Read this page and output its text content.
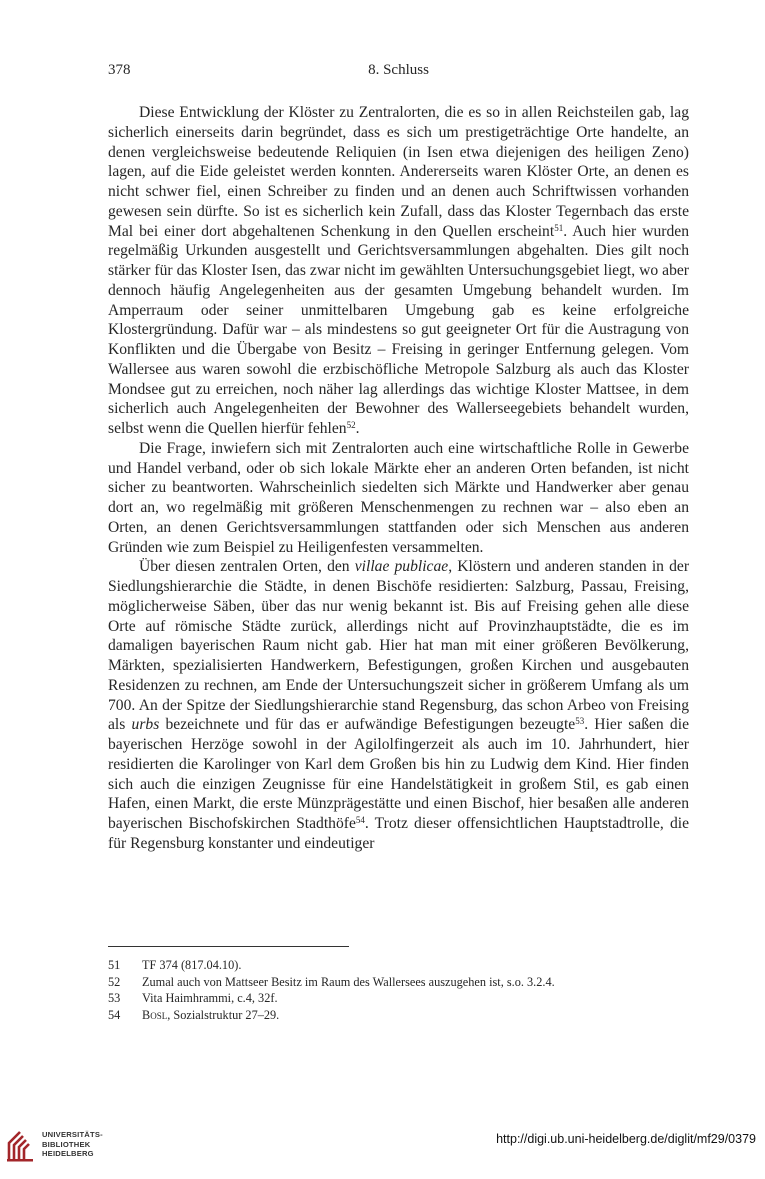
378	8. Schluss

Diese Entwicklung der Klöster zu Zentralorten, die es so in allen Reichsteilen gab, lag sicherlich einerseits darin begründet, dass es sich um prestigeträchtige Orte handelte, an denen vergleichsweise bedeutende Reliquien (in Isen etwa diejenigen des heiligen Zeno) lagen, auf die Eide geleistet werden konnten. Andererseits waren Klöster Orte, an denen es nicht schwer fiel, einen Schreiber zu finden und an denen auch Schriftwissen vorhanden gewesen sein dürfte. So ist es sicherlich kein Zufall, dass das Kloster Tegernbach das erste Mal bei einer dort abgehaltenen Schenkung in den Quellen erscheint$^{51}$. Auch hier wurden regelmäßig Urkunden ausgestellt und Gerichtsversammlungen abgehalten. Dies gilt noch stärker für das Kloster Isen, das zwar nicht im gewählten Untersuchungsgebiet liegt, wo aber dennoch häufig Angelegenheiten aus der gesamten Umgebung behandelt wurden. Im Amperraum oder seiner unmittelbaren Umgebung gab es keine erfolgreiche Klostergründung. Dafür war – als mindestens so gut geeigneter Ort für die Austragung von Konflikten und die Übergabe von Besitz – Freising in geringer Entfernung gelegen. Vom Wallersee aus waren sowohl die erzbischöfliche Metropole Salzburg als auch das Kloster Mondsee gut zu erreichen, noch näher lag allerdings das wichtige Kloster Mattsee, in dem sicherlich auch Angelegenheiten der Bewohner des Wallerseegebiets behandelt wurden, selbst wenn die Quellen hierfür fehlen$^{52}$.

Die Frage, inwiefern sich mit Zentralorten auch eine wirtschaftliche Rolle in Gewerbe und Handel verband, oder ob sich lokale Märkte eher an anderen Orten befanden, ist nicht sicher zu beantworten. Wahrscheinlich siedelten sich Märkte und Handwerker aber genau dort an, wo regelmäßig mit größeren Menschenmengen zu rechnen war – also eben an Orten, an denen Gerichtsversammlungen stattfanden oder sich Menschen aus anderen Gründen wie zum Beispiel zu Heiligenfesten versammelten.

Über diesen zentralen Orten, den villae publicae, Klöstern und anderen standen in der Siedlungshierarchie die Städte, in denen Bischöfe residierten: Salzburg, Passau, Freising, möglicherweise Säben, über das nur wenig bekannt ist. Bis auf Freising gehen alle diese Orte auf römische Städte zurück, allerdings nicht auf Provinzhauptstädte, die es im damaligen bayerischen Raum nicht gab. Hier hat man mit einer größeren Bevölkerung, Märkten, spezialisierten Handwerkern, Befestigungen, großen Kirchen und ausgebauten Residenzen zu rechnen, am Ende der Untersuchungszeit sicher in größerem Umfang als um 700. An der Spitze der Siedlungshierarchie stand Regensburg, das schon Arbeo von Freising als urbs bezeichnete und für das er aufwändige Befestigungen bezeugte$^{53}$. Hier saßen die bayerischen Herzöge sowohl in der Agilolfingerzeit als auch im 10. Jahrhundert, hier residierten die Karolinger von Karl dem Großen bis hin zu Ludwig dem Kind. Hier finden sich auch die einzigen Zeugnisse für eine Handelstätigkeit in großem Stil, es gab einen Hafen, einen Markt, die erste Münzprägestätte und einen Bischof, hier besaßen alle anderen bayerischen Bischofskirchen Stadthöfe$^{54}$. Trotz dieser offensichtlichen Hauptstadtrolle, die für Regensburg konstanter und eindeutiger

51	TF 374 (817.04.10).
52	Zumal auch von Mattseer Besitz im Raum des Wallersees auszugehen ist, s.o. 3.2.4.
53	Vita Haimhrammi, c.4, 32f.
54	Bosl, Sozialstruktur 27–29.
UNIVERSITÄTS-
BIBLIOTHEK
HEIDELBERG
http://digi.ub.uni-heidelberg.de/diglit/mf29/0379
